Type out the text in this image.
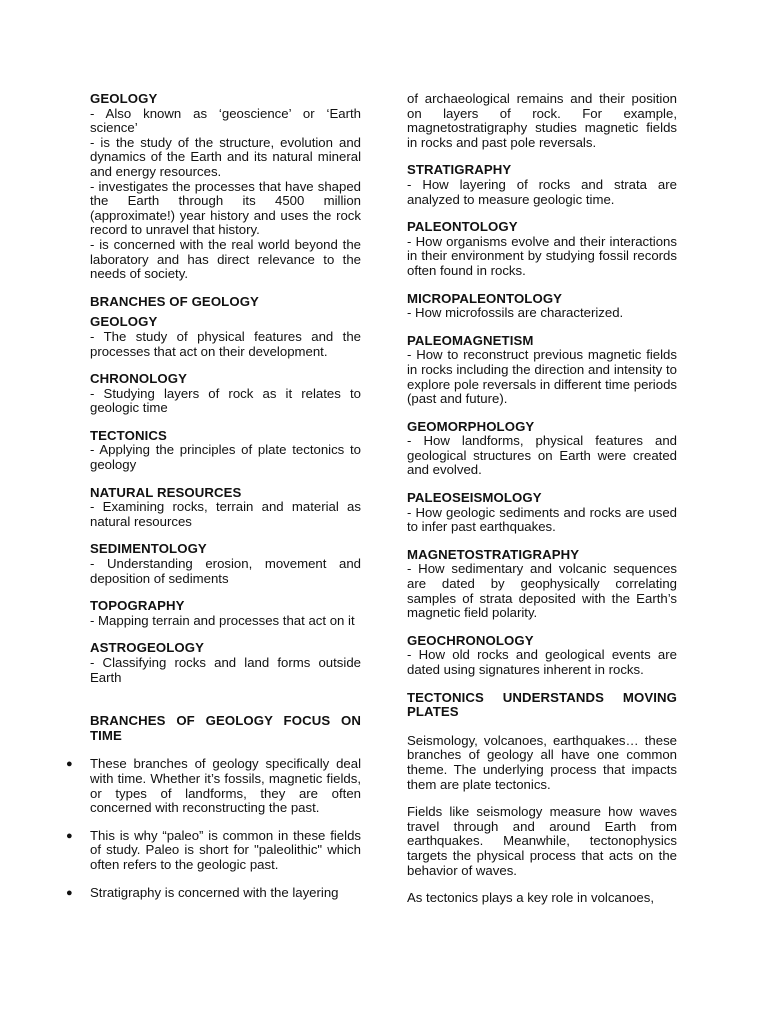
GEOLOGY

- Also known as ‘geoscience’ or ‘Earth science’

- is the study of the structure, evolution and dynamics of the Earth and its natural mineral and energy resources.

- investigates the processes that have shaped the Earth through its 4500 million (approximate!) year history and uses the rock record to unravel that history.

- is concerned with the real world beyond the laboratory and has direct relevance to the needs of society.

BRANCHES OF GEOLOGY
GEOLOGY

- The study of physical features and the processes that act on their development.

CHRONOLOGY

- Studying layers of rock as it relates to geologic time

TECTONICS

- Applying the principles of plate tectonics to geology

NATURAL RESOURCES

- Examining rocks, terrain and material as natural resources

SEDIMENTOLOGY

- Understanding erosion, movement and deposition of sediments

TOPOGRAPHY

- Mapping terrain and processes that act on it

ASTROGEOLOGY

- Classifying rocks and land forms outside Earth

BRANCHES OF GEOLOGY FOCUS ON TIME
● These branches of geology specifically deal with time. Whether it’s fossils, magnetic fields, or types of landforms, they are often concerned with reconstructing the past.
● This is why “paleo” is common in these fields of study. Paleo is short for "paleolithic" which often refers to the geologic past.
● Stratigraphy is concerned with the layering

of archaeological remains and their position on layers of rock. For example, magnetostratigraphy studies magnetic fields in rocks and past pole reversals.

STRATIGRAPHY

- How layering of rocks and strata are analyzed to measure geologic time.

PALEONTOLOGY

- How organisms evolve and their interactions in their environment by studying fossil records often found in rocks.

MICROPALEONTOLOGY

- How microfossils are characterized.

PALEOMAGNETISM

- How to reconstruct previous magnetic fields in rocks including the direction and intensity to explore pole reversals in different time periods (past and future).

GEOMORPHOLOGY

- How landforms, physical features and geological structures on Earth were created and evolved.

PALEOSEISMOLOGY

- How geologic sediments and rocks are used to infer past earthquakes.

MAGNETOSTRATIGRAPHY

- How sedimentary and volcanic sequences are dated by geophysically correlating samples of strata deposited with the Earth’s magnetic field polarity.

GEOCHRONOLOGY

- How old rocks and geological events are dated using signatures inherent in rocks.

TECTONICS UNDERSTANDS MOVING PLATES

Seismology, volcanoes, earthquakes… these branches of geology all have one common theme. The underlying process that impacts them are plate tectonics.

Fields like seismology measure how waves travel through and around Earth from earthquakes. Meanwhile, tectonophysics targets the physical process that acts on the behavior of waves.

As tectonics plays a key role in volcanoes,
